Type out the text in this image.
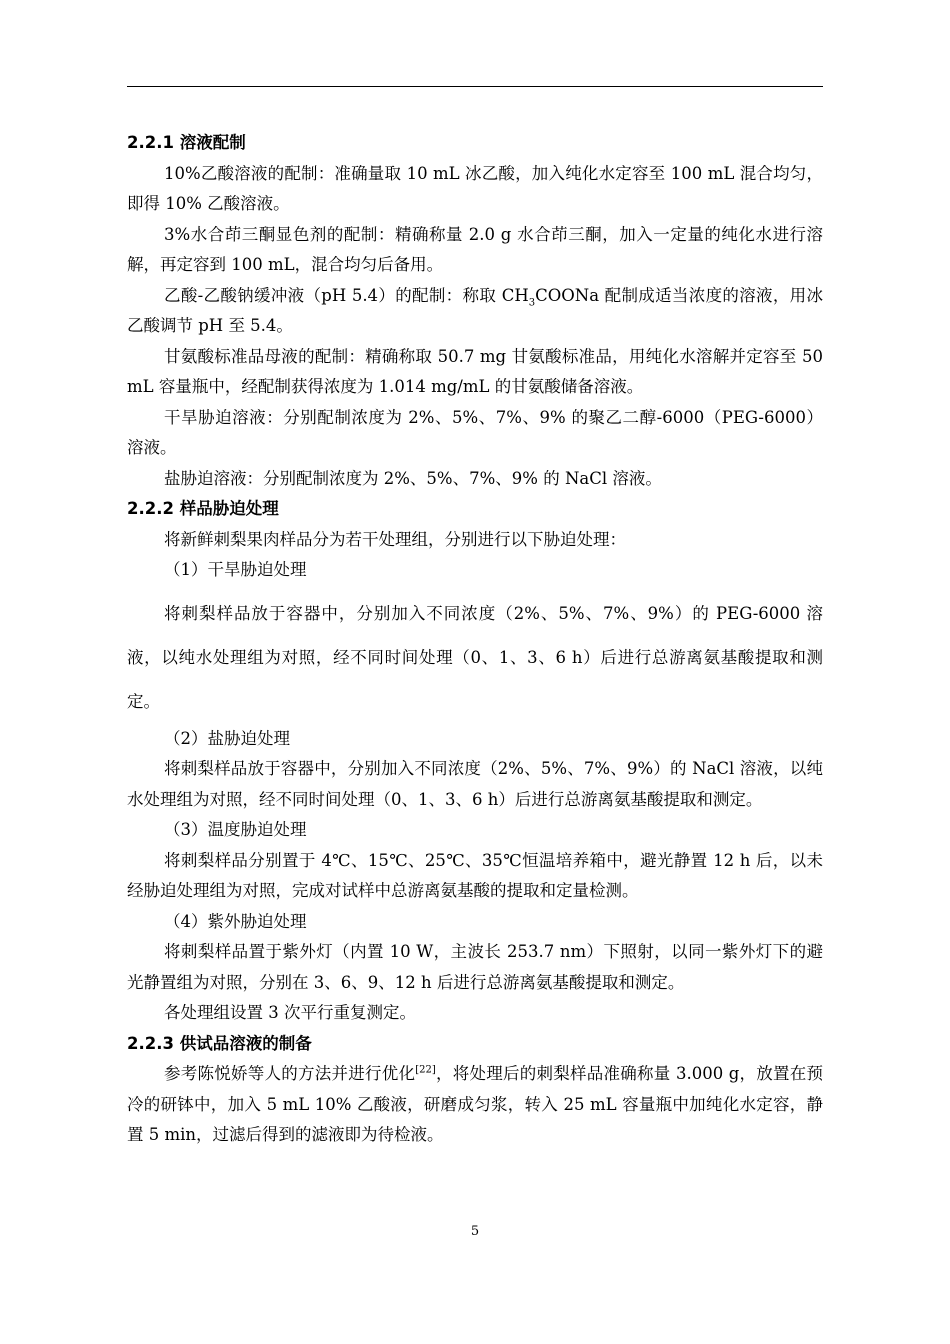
2.2.1 溶液配制
10%乙酸溶液的配制：准确量取 10 mL 冰乙酸，加入纯化水定容至 100 mL 混合均匀，即得 10% 乙酸溶液。
3%水合茚三酮显色剂的配制：精确称量 2.0 g 水合茚三酮，加入一定量的纯化水进行溶解，再定容到 100 mL，混合均匀后备用。
乙酸-乙酸钠缓冲液（pH 5.4）的配制：称取 $CH_3COONa$ 配制成适当浓度的溶液，用冰乙酸调节 pH 至 5.4。
甘氨酸标准品母液的配制：精确称取 50.7 mg 甘氨酸标准品，用纯化水溶解并定容至 50 mL 容量瓶中，经配制获得浓度为 1.014 mg/mL 的甘氨酸储备溶液。
干旱胁迫溶液：分别配制浓度为 2%、5%、7%、9% 的聚乙二醇-6000（PEG-6000）溶液。
盐胁迫溶液：分别配制浓度为 2%、5%、7%、9% 的 NaCl 溶液。
2.2.2 样品胁迫处理
将新鲜刺梨果肉样品分为若干处理组，分别进行以下胁迫处理：
（1）干旱胁迫处理
将刺梨样品放于容器中，分别加入不同浓度（2%、5%、7%、9%）的 PEG-6000 溶液，以纯水处理组为对照，经不同时间处理（0、1、3、6 h）后进行总游离氨基酸提取和测定。
（2）盐胁迫处理
将刺梨样品放于容器中，分别加入不同浓度（2%、5%、7%、9%）的 NaCl 溶液，以纯水处理组为对照，经不同时间处理（0、1、3、6 h）后进行总游离氨基酸提取和测定。
（3）温度胁迫处理
将刺梨样品分别置于 4℃、15℃、25℃、35℃恒温培养箱中，避光静置 12 h 后，以未经胁迫处理组为对照，完成对试样中总游离氨基酸的提取和定量检测。
（4）紫外胁迫处理
将刺梨样品置于紫外灯（内置 10 W，主波长 253.7 nm）下照射，以同一紫外灯下的避光静置组为对照，分别在 3、6、9、12 h 后进行总游离氨基酸提取和测定。
各处理组设置 3 次平行重复测定。
2.2.3 供试品溶液的制备
参考陈悦娇等人的方法并进行优化[22]，将处理后的刺梨样品准确称量 3.000 g，放置在预冷的研钵中，加入 5 mL 10% 乙酸液，研磨成匀浆，转入 25 mL 容量瓶中加纯化水定容，静置 5 min，过滤后得到的滤液即为待检液。
5
